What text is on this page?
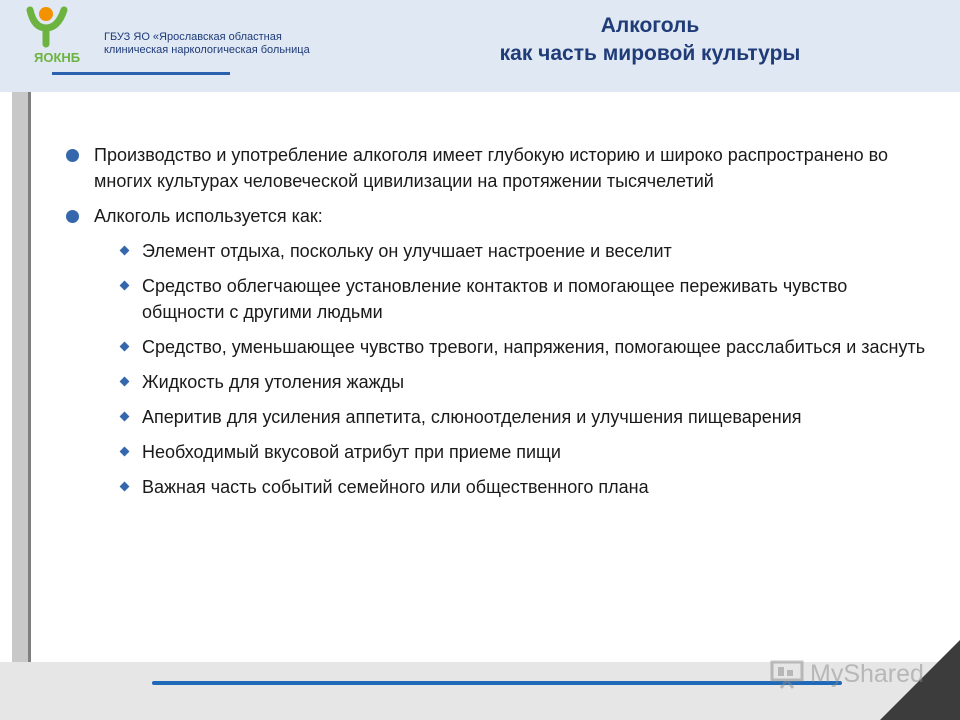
ЯОКНБ
ГБУЗ ЯО «Ярославская областная
клиническая наркологическая больница
Алкоголь
как часть мировой культуры
Производство и употребление алкоголя имеет глубокую историю и широко распространено во многих культурах человеческой цивилизации на протяжении тысячелетий
Алкоголь используется как:
Элемент отдыха, поскольку он улучшает настроение и веселит
Средство облегчающее установление контактов и помогающее переживать чувство общности с другими людьми
Средство, уменьшающее чувство тревоги, напряжения, помогающее расслабиться и заснуть
Жидкость для утоления жажды
Аперитив для усиления аппетита, слюноотделения и улучшения пищеварения
Необходимый вкусовой атрибут при приеме пищи
Важная часть событий семейного или общественного плана
MyShared
